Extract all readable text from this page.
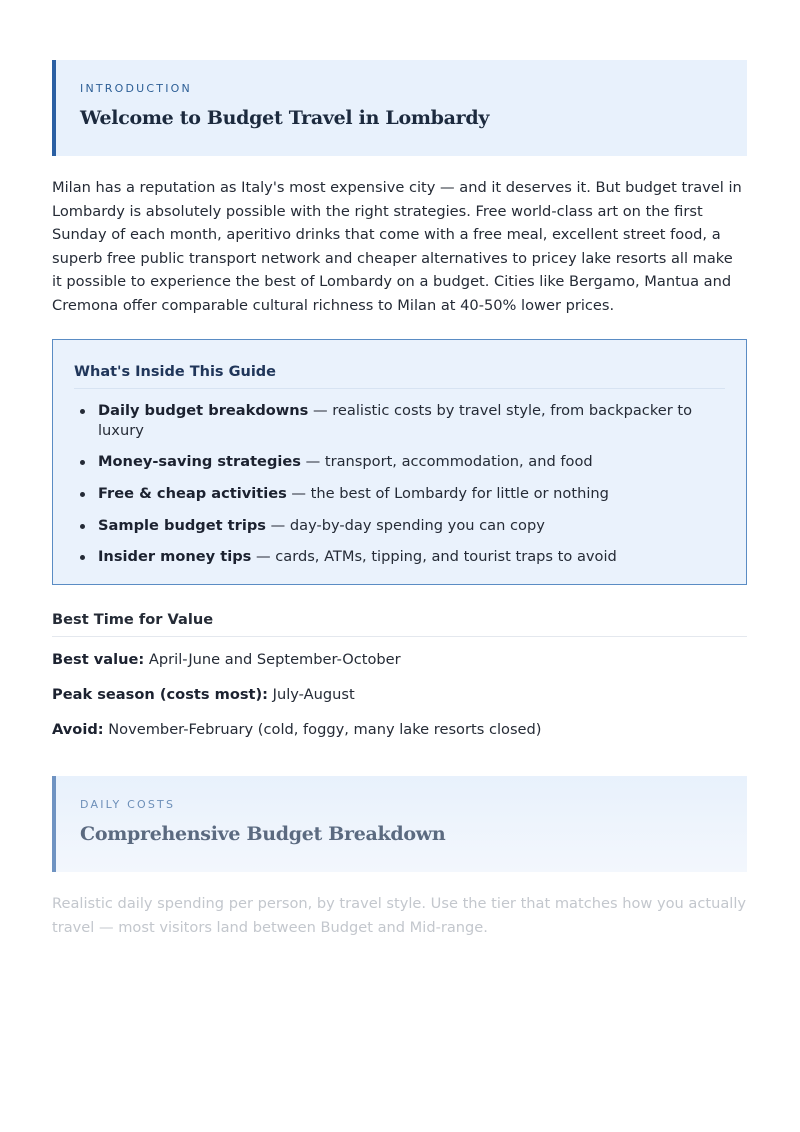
INTRODUCTION
Welcome to Budget Travel in Lombardy

Milan has a reputation as Italy's most expensive city — and it deserves it. But budget travel in Lombardy is absolutely possible with the right strategies. Free world-class art on the first Sunday of each month, aperitivo drinks that come with a free meal, excellent street food, a superb free public transport network and cheaper alternatives to pricey lake resorts all make it possible to experience the best of Lombardy on a budget. Cities like Bergamo, Mantua and Cremona offer comparable cultural richness to Milan at 40-50% lower prices.

What's Inside This Guide
Daily budget breakdowns — realistic costs by travel style, from backpacker to luxury
Money-saving strategies — transport, accommodation, and food
Free & cheap activities — the best of Lombardy for little or nothing
Sample budget trips — day-by-day spending you can copy
Insider money tips — cards, ATMs, tipping, and tourist traps to avoid
Best Time for Value

Best value: April-June and September-October

Peak season (costs most): July-August

Avoid: November-February (cold, foggy, many lake resorts closed)

DAILY COSTS
Comprehensive Budget Breakdown

Realistic daily spending per person, by travel style. Use the tier that matches how you actually travel — most visitors land between Budget and Mid-range.
